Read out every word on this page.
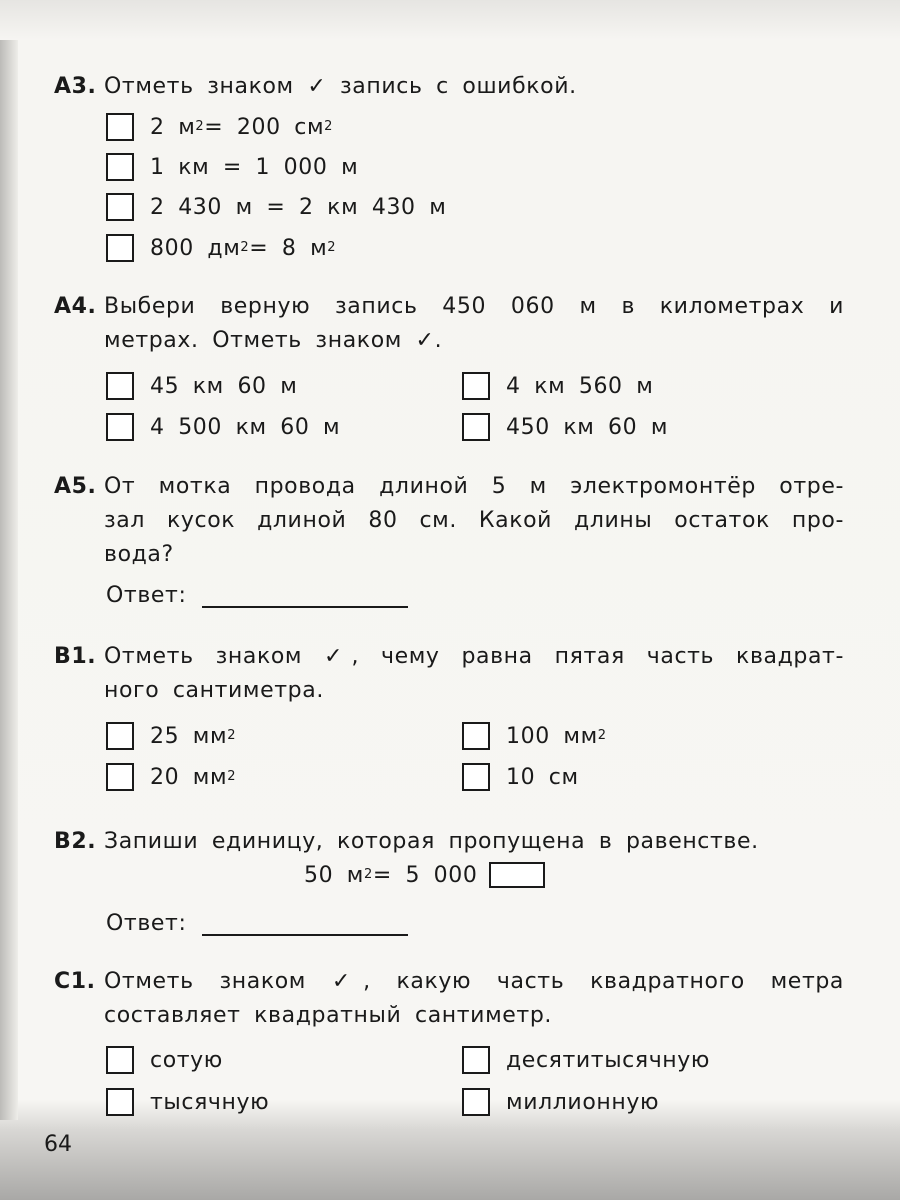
А3. Отметь знаком ✓ запись с ошибкой.
2 м 2 = 200 см 2
1 км = 1 000 м
2 430 м = 2 км 430 м
800 дм 2 = 8 м 2
А4. Выбери верную запись 450 060 м в километрах и
метрах. Отметь знаком ✓.
45 км 60 м	4 км 560 м
4 500 км 60 м	450 км 60 м
А5. От мотка провода длиной 5 м электромонтёр отре-
зал кусок длиной 80 см. Какой длины остаток про-
вода?
Ответ:
В1. Отметь знаком ✓, чему равна пятая часть квадрат-
ного сантиметра.
25 мм 2	100 мм 2
20 мм 2	10 см
В2. Запиши единицу, которая пропущена в равенстве.
50 м 2 = 5 000
Ответ:
С1. Отметь знаком ✓, какую часть квадратного метра
составляет квадратный сантиметр.
сотую	десятитысячную
тысячную	миллионную
64
